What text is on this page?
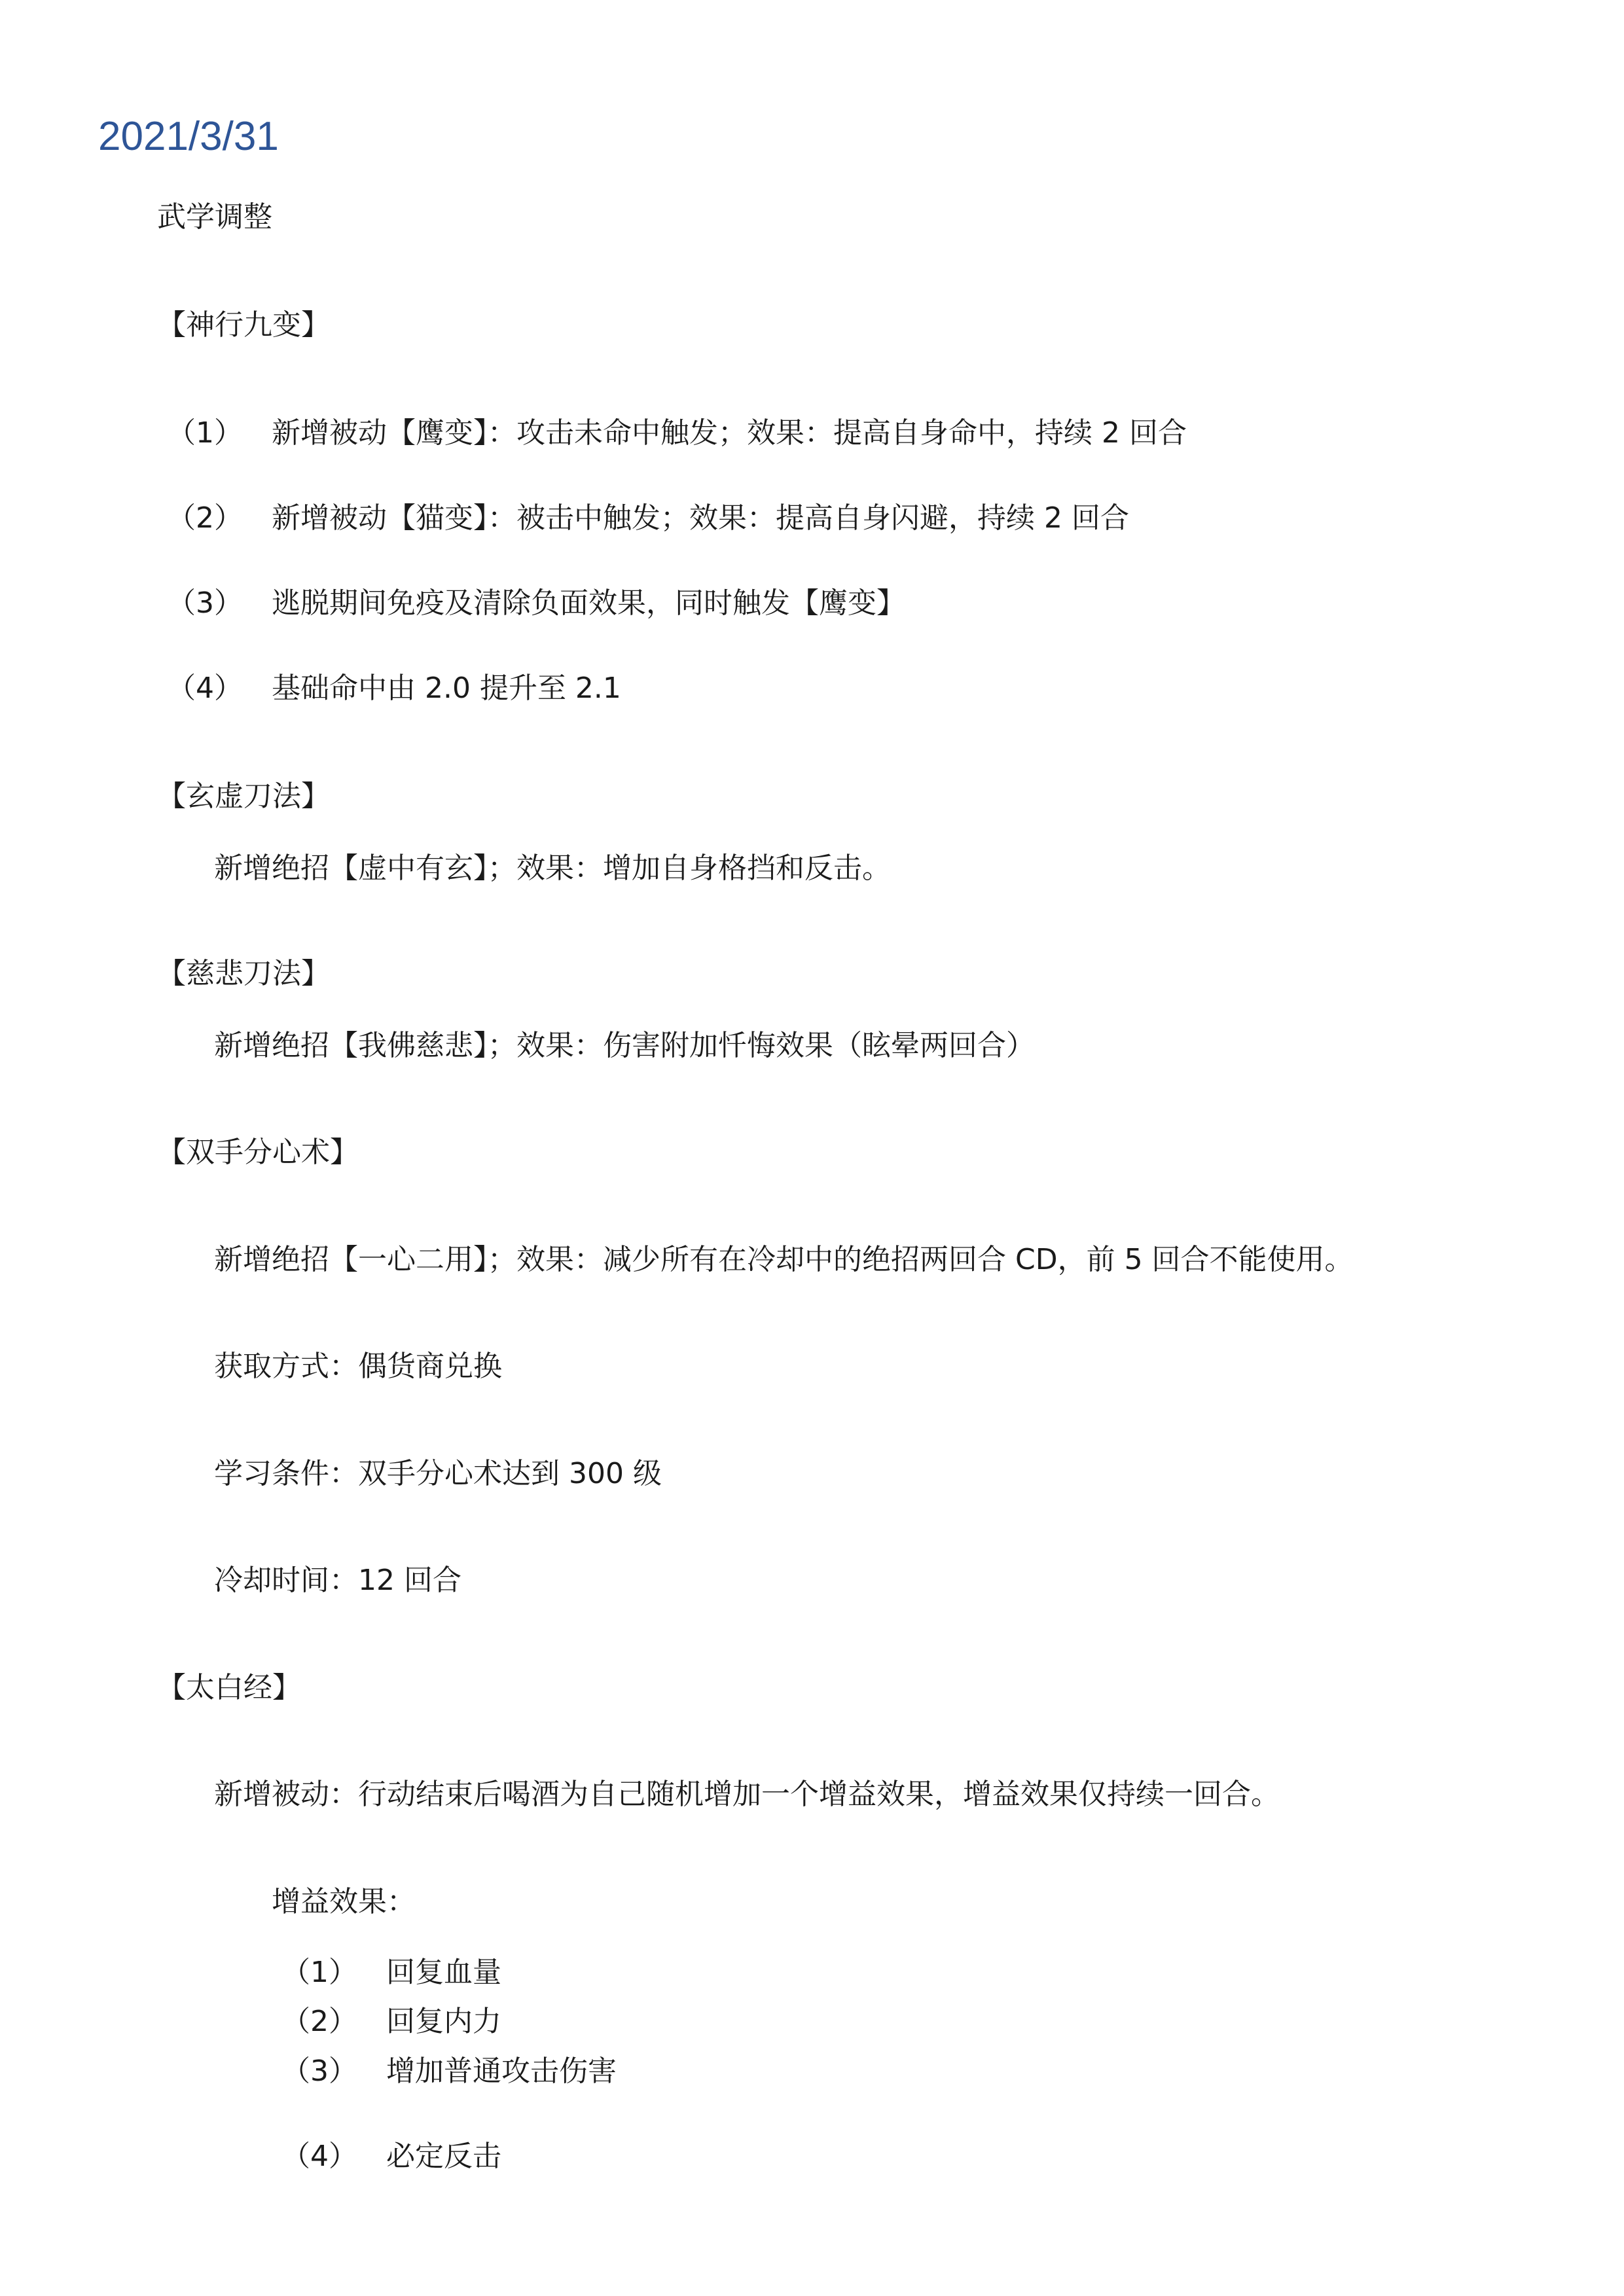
2021/3/31
武学调整
【神行九变】
（1） 新增被动【鹰变】：攻击未命中触发；效果：提高自身命中，持续 2 回合
（2） 新增被动【猫变】：被击中触发；效果：提高自身闪避，持续 2 回合
（3） 逃脱期间免疫及清除负面效果，同时触发【鹰变】
（4） 基础命中由 2.0 提升至 2.1
【玄虚刀法】
新增绝招【虚中有玄】；效果：增加自身格挡和反击。
【慈悲刀法】
新增绝招【我佛慈悲】；效果：伤害附加忏悔效果（眩晕两回合）
【双手分心术】
新增绝招【一心二用】；效果：减少所有在冷却中的绝招两回合 CD，前 5 回合不能使用。
获取方式：偶货商兑换
学习条件：双手分心术达到 300 级
冷却时间：12 回合
【太白经】
新增被动：行动结束后喝酒为自己随机增加一个增益效果，增益效果仅持续一回合。
增益效果：
（1） 回复血量
（2） 回复内力
（3） 增加普通攻击伤害
（4） 必定反击
